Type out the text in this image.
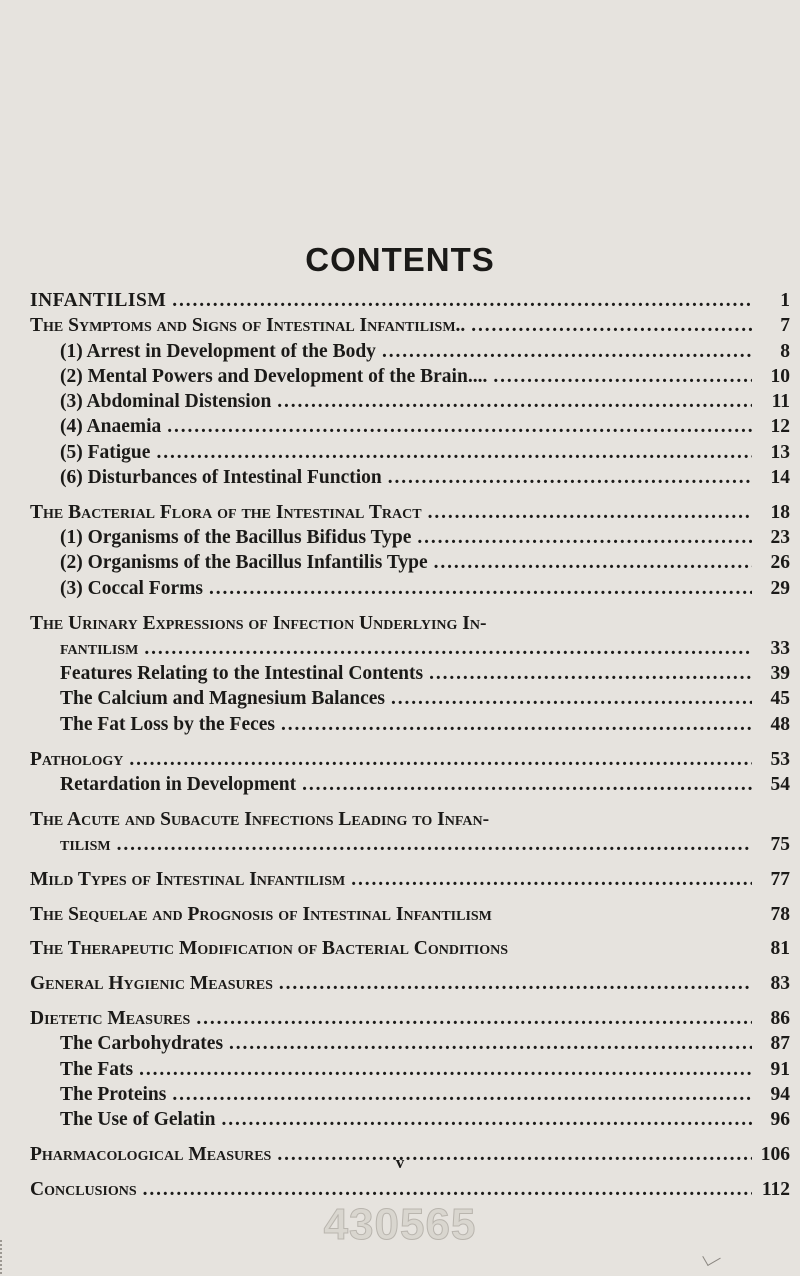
CONTENTS
INFANTILISM . . .	1
The Symptoms and Signs of Intestinal Infantilism.. . . .	7
(1) Arrest in Development of the Body . . .	8
(2) Mental Powers and Development of the Brain.... . . .	10
(3) Abdominal Distension . . .	11
(4) Anaemia . . .	12
(5) Fatigue . . .	13
(6) Disturbances of Intestinal Function . . .	14
The Bacterial Flora of the Intestinal Tract . . .	18
(1) Organisms of the Bacillus Bifidus Type . . .	23
(2) Organisms of the Bacillus Infantilis Type . . .	26
(3) Coccal Forms . . .	29
The Urinary Expressions of Infection Underlying In-
fantilism . . .	33
Features Relating to the Intestinal Contents . . .	39
The Calcium and Magnesium Balances . . .	45
The Fat Loss by the Feces . . .	48
Pathology . . .	53
Retardation in Development . . .	54
The Acute and Subacute Infections Leading to Infan-
tilism . . .	75
Mild Types of Intestinal Infantilism . . .	77
The Sequelae and Prognosis of Intestinal Infantilism	78
The Therapeutic Modification of Bacterial Conditions	81
General Hygienic Measures . . .	83
Dietetic Measures . . .	86
The Carbohydrates . . .	87
The Fats . . .	91
The Proteins . . .	94
The Use of Gelatin . . .	96
Pharmacological Measures . . .	106
Conclusions . . .	112
v
430565
